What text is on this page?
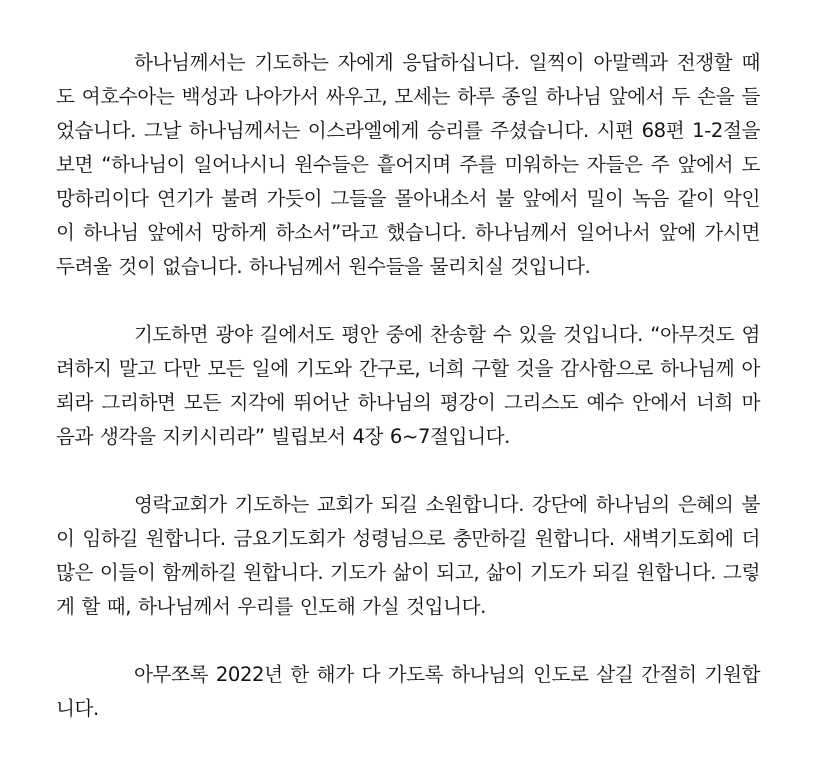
하나님께서는 기도하는 자에게 응답하십니다. 일찍이 아말렉과 전쟁할 때도 여호수아는 백성과 나아가서 싸우고, 모세는 하루 종일 하나님 앞에서 두 손을 들었습니다. 그날 하나님께서는 이스라엘에게 승리를 주셨습니다. 시편 68편 1-2절을 보면 “하나님이 일어나시니 원수들은 흩어지며 주를 미워하는 자들은 주 앞에서 도망하리이다 연기가 불려 가듯이 그들을 몰아내소서 불 앞에서 밀이 녹음 같이 악인이 하나님 앞에서 망하게 하소서”라고 했습니다. 하나님께서 일어나서 앞에 가시면 두려울 것이 없습니다. 하나님께서 원수들을 물리치실 것입니다.

기도하면 광야 길에서도 평안 중에 찬송할 수 있을 것입니다. “아무것도 염려하지 말고 다만 모든 일에 기도와 간구로, 너희 구할 것을 감사함으로 하나님께 아뢰라 그리하면 모든 지각에 뛰어난 하나님의 평강이 그리스도 예수 안에서 너희 마음과 생각을 지키시리라” 빌립보서 4장 6~7절입니다.

영락교회가 기도하는 교회가 되길 소원합니다. 강단에 하나님의 은혜의 불이 임하길 원합니다. 금요기도회가 성령님으로 충만하길 원합니다. 새벽기도회에 더 많은 이들이 함께하길 원합니다. 기도가 삶이 되고, 삶이 기도가 되길 원합니다. 그렇게 할 때, 하나님께서 우리를 인도해 가실 것입니다.

아무쪼록 2022년 한 해가 다 가도록 하나님의 인도로 살길 간절히 기원합니다.
